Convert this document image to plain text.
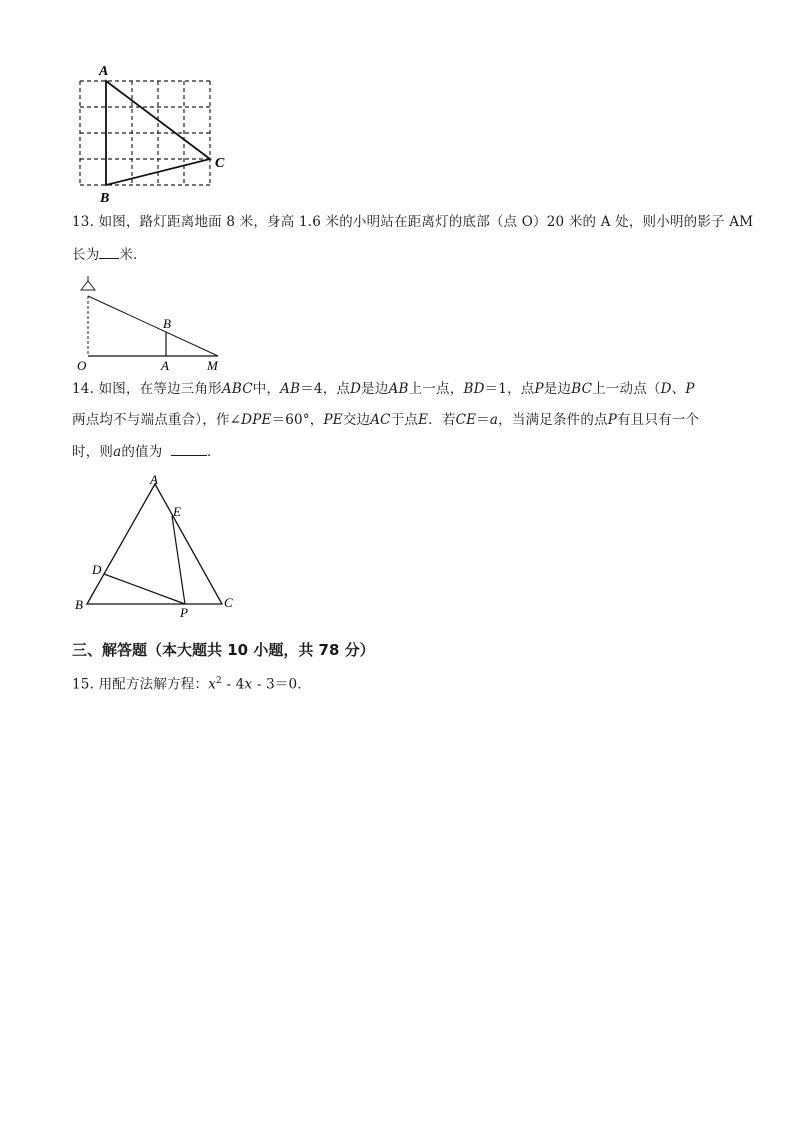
A
B
C
13. 如图，路灯距离地面 8 米，身高 1.6 米的小明站在距离灯的底部（点 O）20 米的 A 处，则小明的影子 AM
长为 米．
O	A	M
B
14. 如图，在等边三角形ABC中，AB＝4，点D是边AB上一点，BD＝1，点P是边BC上一动点（D、P
两点均不与端点重合），作∠DPE＝60°，PE交边AC于点E．若CE＝a，当满足条件的点P有且只有一个
时，则a的值为	．
A
E
D
B	C
P
三、解答题（本大题共 10 小题，共 78 分）
15. 用配方法解方程：$x^2 - 4x - 3=0$．
